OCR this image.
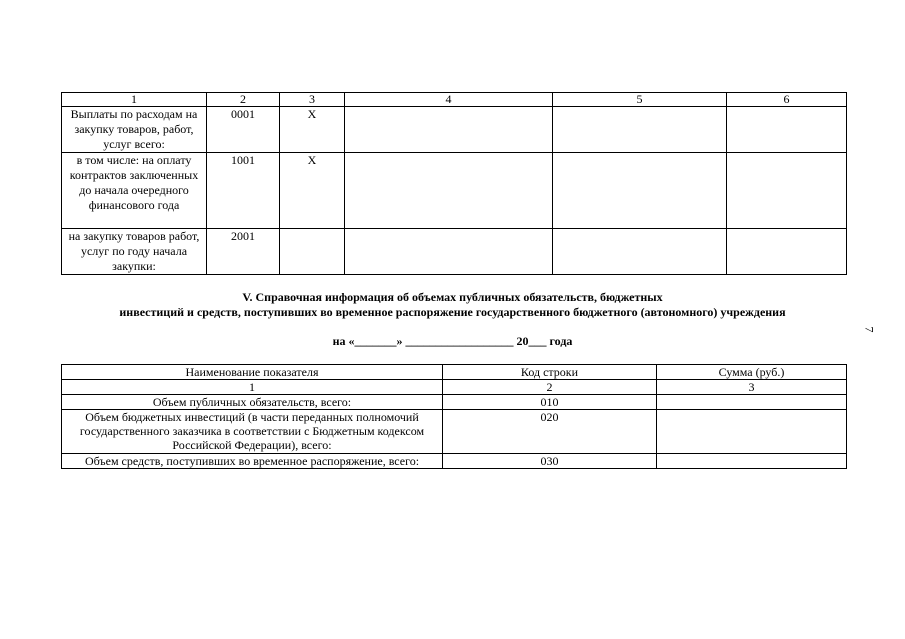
1	2	3	4	5	6
Выплаты по расходам на закупку товаров, работ, услуг всего:	0001	X			
в том числе: на оплату контрактов заключенных до начала очередного финансового года	1001	X			
на закупку товаров работ, услуг по году начала закупки:	2001				
V. Справочная информация об объемах публичных обязательств, бюджетных
инвестиций и средств, поступивших во временное распоряжение государственного бюджетного (автономного) учреждения
на «_______» __________________ 20___ года
Наименование показателя	Код строки	Сумма (руб.)
1	2	3
Объем публичных обязательств, всего:	010	
Объем бюджетных инвестиций (в части переданных полномочий государственного заказчика в соответствии с Бюджетным кодексом Российской Федерации), всего:	020	
Объем средств, поступивших во временное распоряжение, всего:	030	
7
